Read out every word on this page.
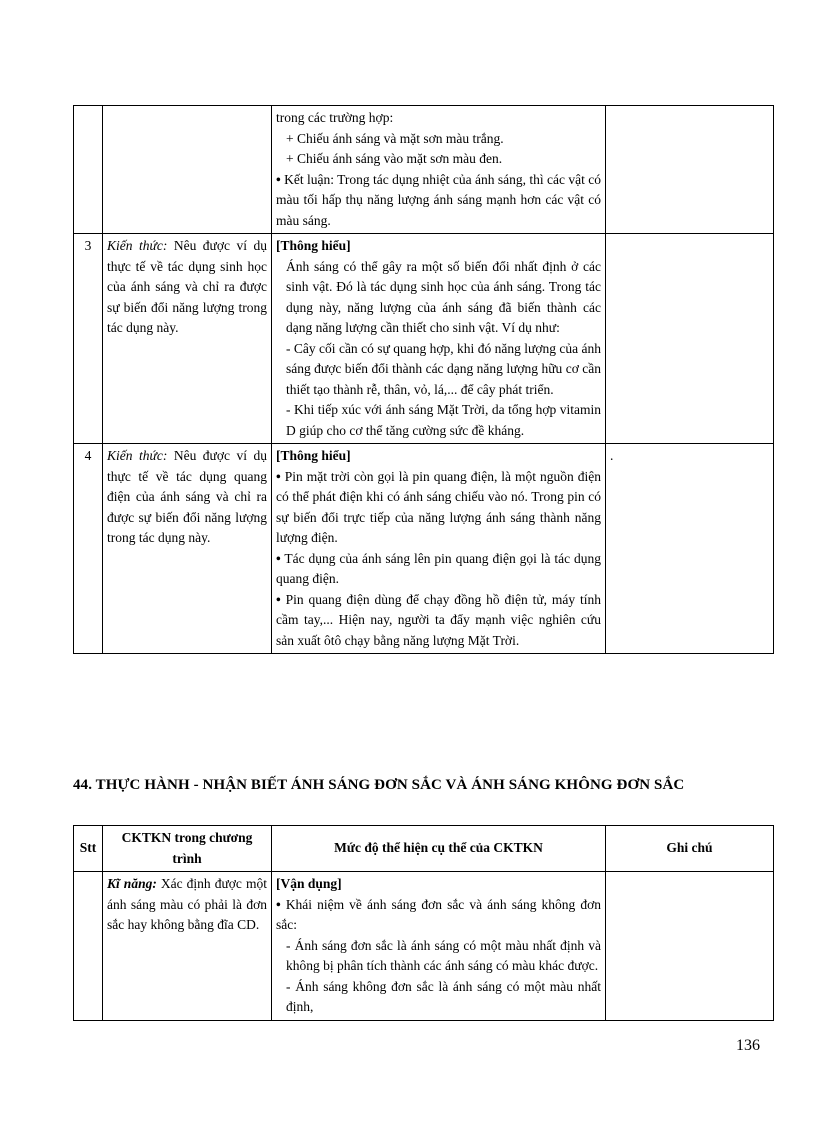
		trong các trường hợp:

+ Chiếu ánh sáng và mặt sơn màu trắng.

+ Chiếu ánh sáng vào mặt sơn màu đen.

• Kết luận: Trong tác dụng nhiệt của ánh sáng, thì các vật có màu tối hấp thụ năng lượng ánh sáng mạnh hơn các vật có màu sáng.	

3	Kiến thức: Nêu được ví dụ thực tế về tác dụng sinh học của ánh sáng và chỉ ra được sự biến đổi năng lượng trong tác dụng này.	[Thông hiểu]

Ánh sáng có thể gây ra một số biến đổi nhất định ở các sinh vật. Đó là tác dụng sinh học của ánh sáng. Trong tác dụng này, năng lượng của ánh sáng đã biến thành các dạng năng lượng cần thiết cho sinh vật. Ví dụ như:

- Cây cối cần có sự quang hợp, khi đó năng lượng của ánh sáng được biến đổi thành các dạng năng lượng hữu cơ cần thiết tạo thành rễ, thân, vỏ, lá,... để cây phát triển.

- Khi tiếp xúc với ánh sáng Mặt Trời, da tổng hợp vitamin D giúp cho cơ thể tăng cường sức đề kháng.	

4	Kiến thức: Nêu được ví dụ thực tế về tác dụng quang điện của ánh sáng và chỉ ra được sự biến đổi năng lượng trong tác dụng này.	[Thông hiểu]

• Pin mặt trời còn gọi là pin quang điện, là một nguồn điện có thể phát điện khi có ánh sáng chiếu vào nó. Trong pin có sự biến đổi trực tiếp của năng lượng ánh sáng thành năng lượng điện.

• Tác dụng của ánh sáng lên pin quang điện gọi là tác dụng quang điện.

• Pin quang điện dùng để chạy đồng hồ điện tử, máy tính cầm tay,... Hiện nay, người ta đẩy mạnh việc nghiên cứu sản xuất ôtô chạy bằng năng lượng Mặt Trời.	.
44. THỰC HÀNH - NHẬN BIẾT ÁNH SÁNG ĐƠN SẮC VÀ ÁNH SÁNG KHÔNG ĐƠN SẮC
Stt	CKTKN trong chương trình	Mức độ thể hiện cụ thể của CKTKN	Ghi chú

	Kĩ năng: Xác định được một ánh sáng màu có phải là đơn sắc hay không bằng đĩa CD.	[Vận dụng]

• Khái niệm về ánh sáng đơn sắc và ánh sáng không đơn sắc:

- Ánh sáng đơn sắc là ánh sáng có một màu nhất định và không bị phân tích thành các ánh sáng có màu khác được.

- Ánh sáng không đơn sắc là ánh sáng có một màu nhất định,	

136
